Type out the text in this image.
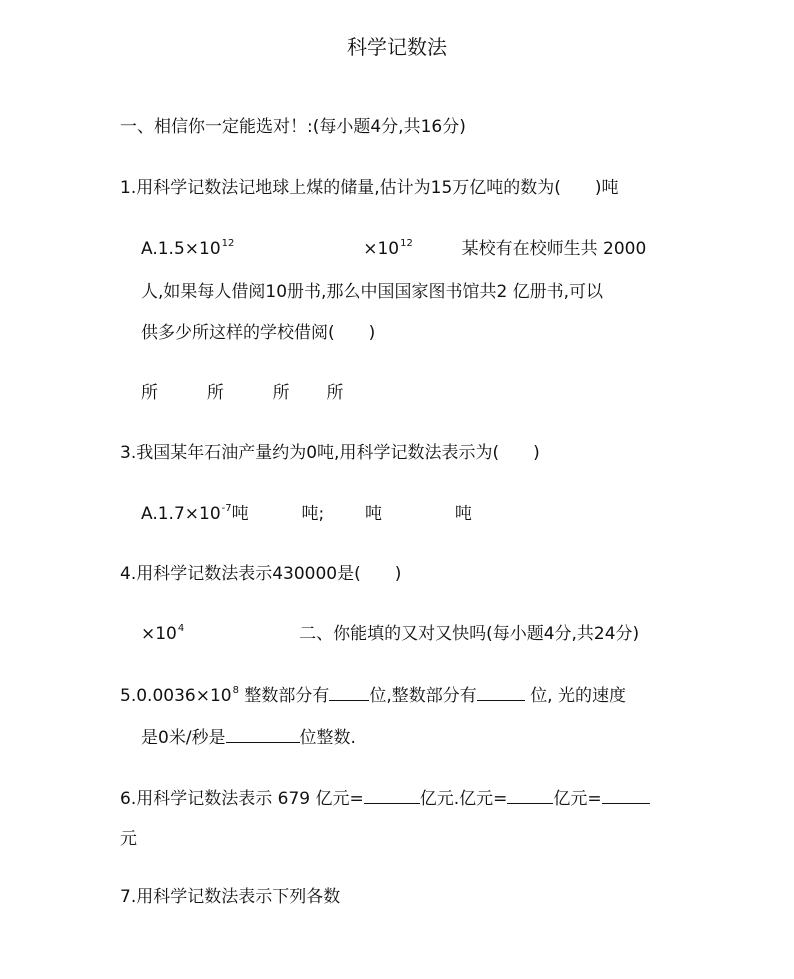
科学记数法
一、相信你一定能选对！:(每小题4分,共16分)
1.用科学记数法记地球上煤的储量,估计为15万亿吨的数为(　　)吨
$A.1.5\times 10^{12}$	$\times 10^{12}$	某校有在校师生共 2000
人,如果每人借阅10册书,那么中国国家图书馆共2 亿册书,可以
供多少所这样的学校借阅(　　)
所	所	所 所
3.我国某年石油产量约为0吨,用科学记数法表示为(　　)
$A.1.7\times 10^{-7}$吨	吨; 吨	吨
4.用科学记数法表示430000是(　　)
$\times 10^4$	二、你能填的又对又快吗(每小题4分,共24分)
$5.0.0036\times 10^8$ 整数部分有 位,整数部分有	位, 光的速度
是0米/秒是	位整数.
6.用科学记数法表示 679 亿元=	亿元.亿元=	亿元=
元
7.用科学记数法表示下列各数
